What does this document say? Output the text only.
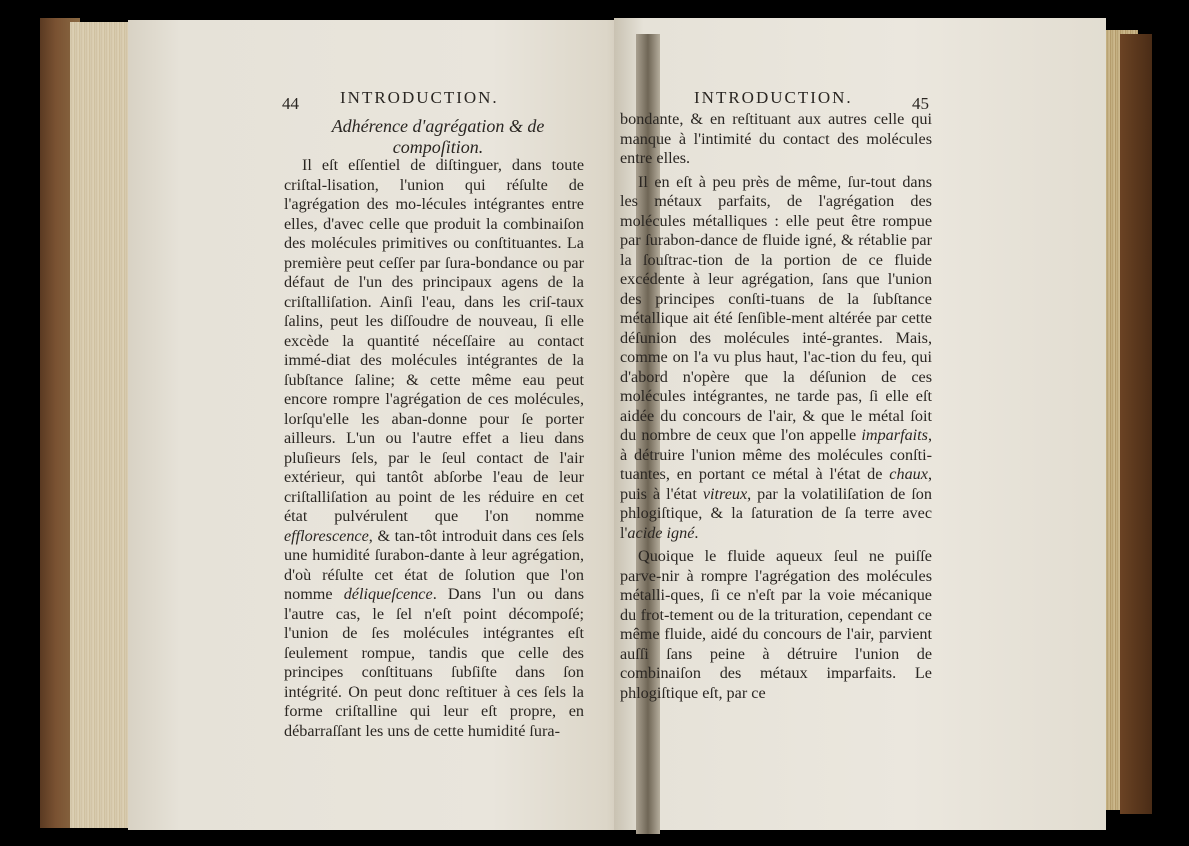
44 INTRODUCTION.
Adhérence d'agrégation & de compoſition.

Il eſt eſſentiel de diſtinguer, dans toute criſtal-lisation, l'union qui réſulte de l'agrégation des mo-lécules intégrantes entre elles, d'avec celle que produit la combinaiſon des molécules primitives ou conſtituantes. La première peut ceſſer par ſura-bondance ou par défaut de l'un des principaux agens de la criſtalliſation. Ainſi l'eau, dans les criſ-taux ſalins, peut les diſſoudre de nouveau, ſi elle excède la quantité néceſſaire au contact immé-diat des molécules intégrantes de la ſubſtance ſaline; & cette même eau peut encore rompre l'agrégation de ces molécules, lorſqu'elle les aban-donne pour ſe porter ailleurs. L'un ou l'autre effet a lieu dans pluſieurs ſels, par le ſeul contact de l'air extérieur, qui tantôt abſorbe l'eau de leur criſtalliſation au point de les réduire en cet état pulvérulent que l'on nomme efflorescence, & tan-tôt introduit dans ces ſels une humidité ſurabon-dante à leur agrégation, d'où réſulte cet état de ſolution que l'on nomme déliqueſcence. Dans l'un ou dans l'autre cas, le ſel n'eſt point décompoſé; l'union de ſes molécules intégrantes eſt ſeulement rompue, tandis que celle des principes conſtituans ſubſiſte dans ſon intégrité. On peut donc reſtituer à ces ſels la forme criſtalline qui leur eſt propre, en débarraſſant les uns de cette humidité ſura-

INTRODUCTION.	45

bondante, & en reſtituant aux autres celle qui manque à l'intimité du contact des molécules entre elles.

Il en eſt à peu près de même, ſur-tout dans les métaux parfaits, de l'agrégation des molécules métalliques : elle peut être rompue par ſurabon-dance de fluide igné, & rétablie par la ſouſtrac-tion de la portion de ce fluide excédente à leur agrégation, ſans que l'union des principes conſti-tuans de la ſubſtance métallique ait été ſenſible-ment altérée par cette déſunion des molécules inté-grantes. Mais, comme on l'a vu plus haut, l'ac-tion du feu, qui d'abord n'opère que la déſunion de ces molécules intégrantes, ne tarde pas, ſi elle eſt aidée du concours de l'air, & que le métal ſoit du nombre de ceux que l'on appelle imparfaits, à détruire l'union même des molécules conſti-tuantes, en portant ce métal à l'état de chaux, puis à l'état vitreux, par la volatiliſation de ſon phlogiſtique, & la ſaturation de ſa terre avec l'acide igné.

Quoique le fluide aqueux ſeul ne puiſſe parve-nir à rompre l'agrégation des molécules métalli-ques, ſi ce n'eſt par la voie mécanique du frot-tement ou de la trituration, cependant ce même fluide, aidé du concours de l'air, parvient auſſi ſans peine à détruire l'union de combinaiſon des métaux imparfaits. Le phlogiſtique eſt, par ce
